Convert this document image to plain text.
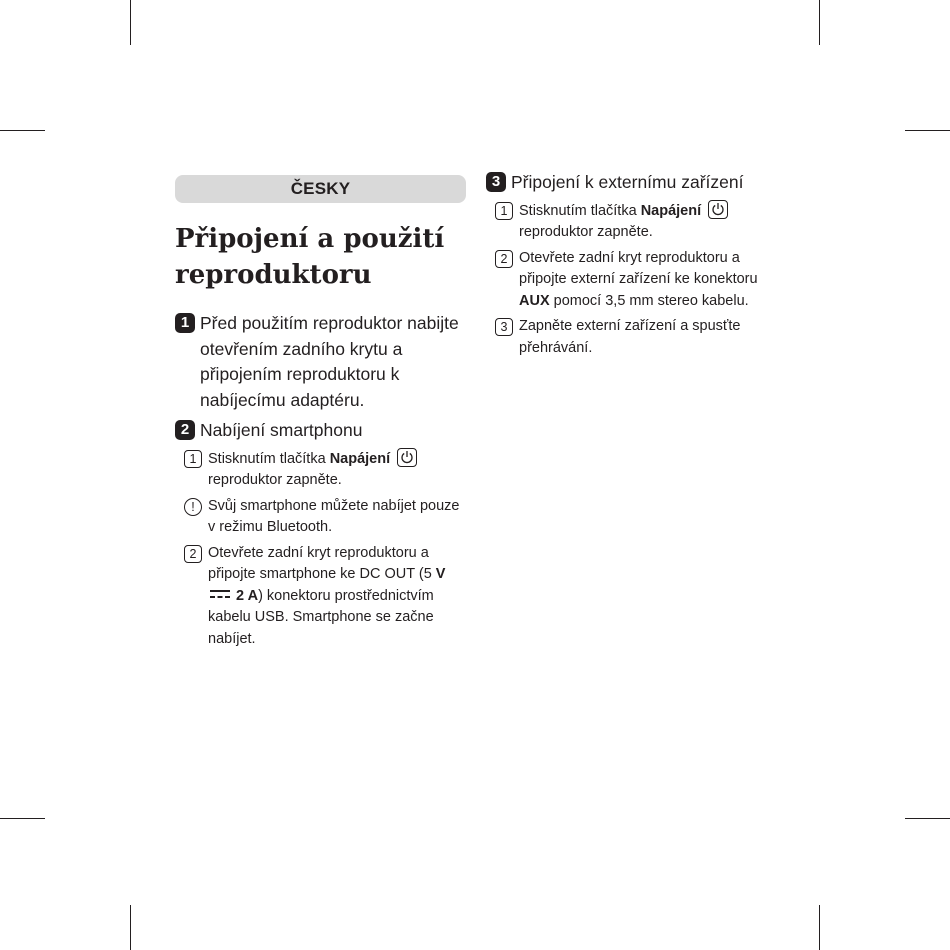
ČESKY
Připojení a použití reproduktoru
1 Před použitím reproduktor nabijte otevřením zadního krytu a připojením reproduktoru k nabíjecímu adaptéru.
2 Nabíjení smartphonu
1 Stisknutím tlačítka Napájení
reproduktor zapněte.
! Svůj smartphone můžete nabíjet pouze v režimu Bluetooth.
2 Otevřete zadní kryt reproduktoru a připojte smartphone ke DC OUT (5 V  2 A) konektoru prostřednictvím kabelu USB. Smartphone se začne nabíjet.
3 Připojení k externímu zařízení
1 Stisknutím tlačítka Napájení
reproduktor zapněte.
2 Otevřete zadní kryt reproduktoru a připojte externí zařízení ke konektoru AUX pomocí 3,5 mm stereo kabelu.
3 Zapněte externí zařízení a spusťte přehrávání.
